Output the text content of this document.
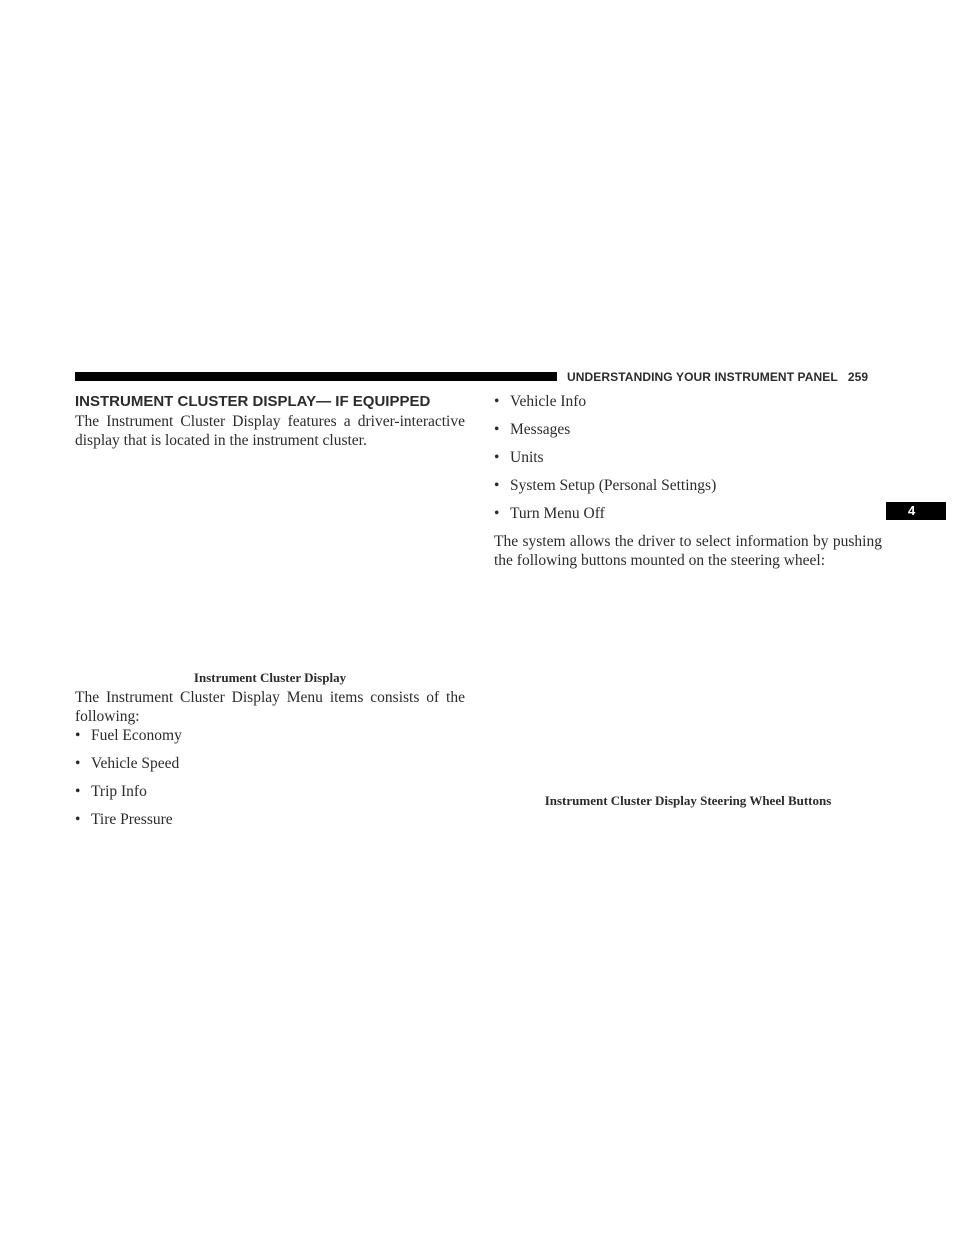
UNDERSTANDING YOUR INSTRUMENT PANEL 259
4
INSTRUMENT CLUSTER DISPLAY— IF EQUIPPED

The Instrument Cluster Display features a driver-interactive display that is located in the instrument cluster.

Instrument Cluster Display

The Instrument Cluster Display Menu items consists of the following:

• Fuel Economy
• Vehicle Speed
• Trip Info
• Tire Pressure
• Vehicle Info
• Messages
• Units
• System Setup (Personal Settings)
• Turn Menu Off

The system allows the driver to select information by pushing the following buttons mounted on the steering wheel:

Instrument Cluster Display Steering Wheel Buttons
